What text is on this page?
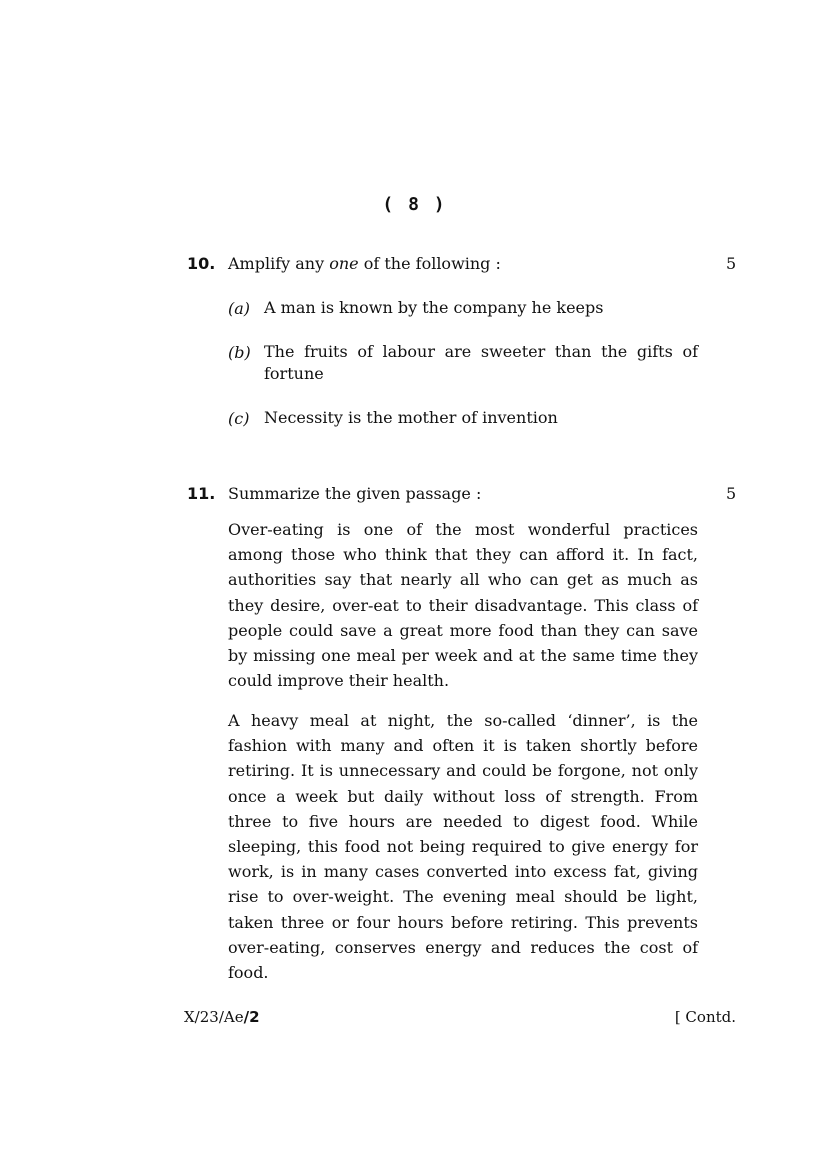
( 8 )
10. Amplify any one of the following :	5
(a) A man is known by the company he keeps
(b) The fruits of labour are sweeter than the gifts of fortune
(c) Necessity is the mother of invention
11. Summarize the given passage :	5

Over-eating is one of the most wonderful practices among those who think that they can afford it. In fact, authorities say that nearly all who can get as much as they desire, over-eat to their disadvantage. This class of people could save a great more food than they can save by missing one meal per week and at the same time they could improve their health.

A heavy meal at night, the so-called ‘dinner’, is the fashion with many and often it is taken shortly before retiring. It is unnecessary and could be forgone, not only once a week but daily without loss of strength. From three to five hours are needed to digest food. While sleeping, this food not being required to give energy for work, is in many cases converted into excess fat, giving rise to over-weight. The evening meal should be light, taken three or four hours before retiring. This prevents over-eating, conserves energy and reduces the cost of food.

X/23/Ae/2	[ Contd.
